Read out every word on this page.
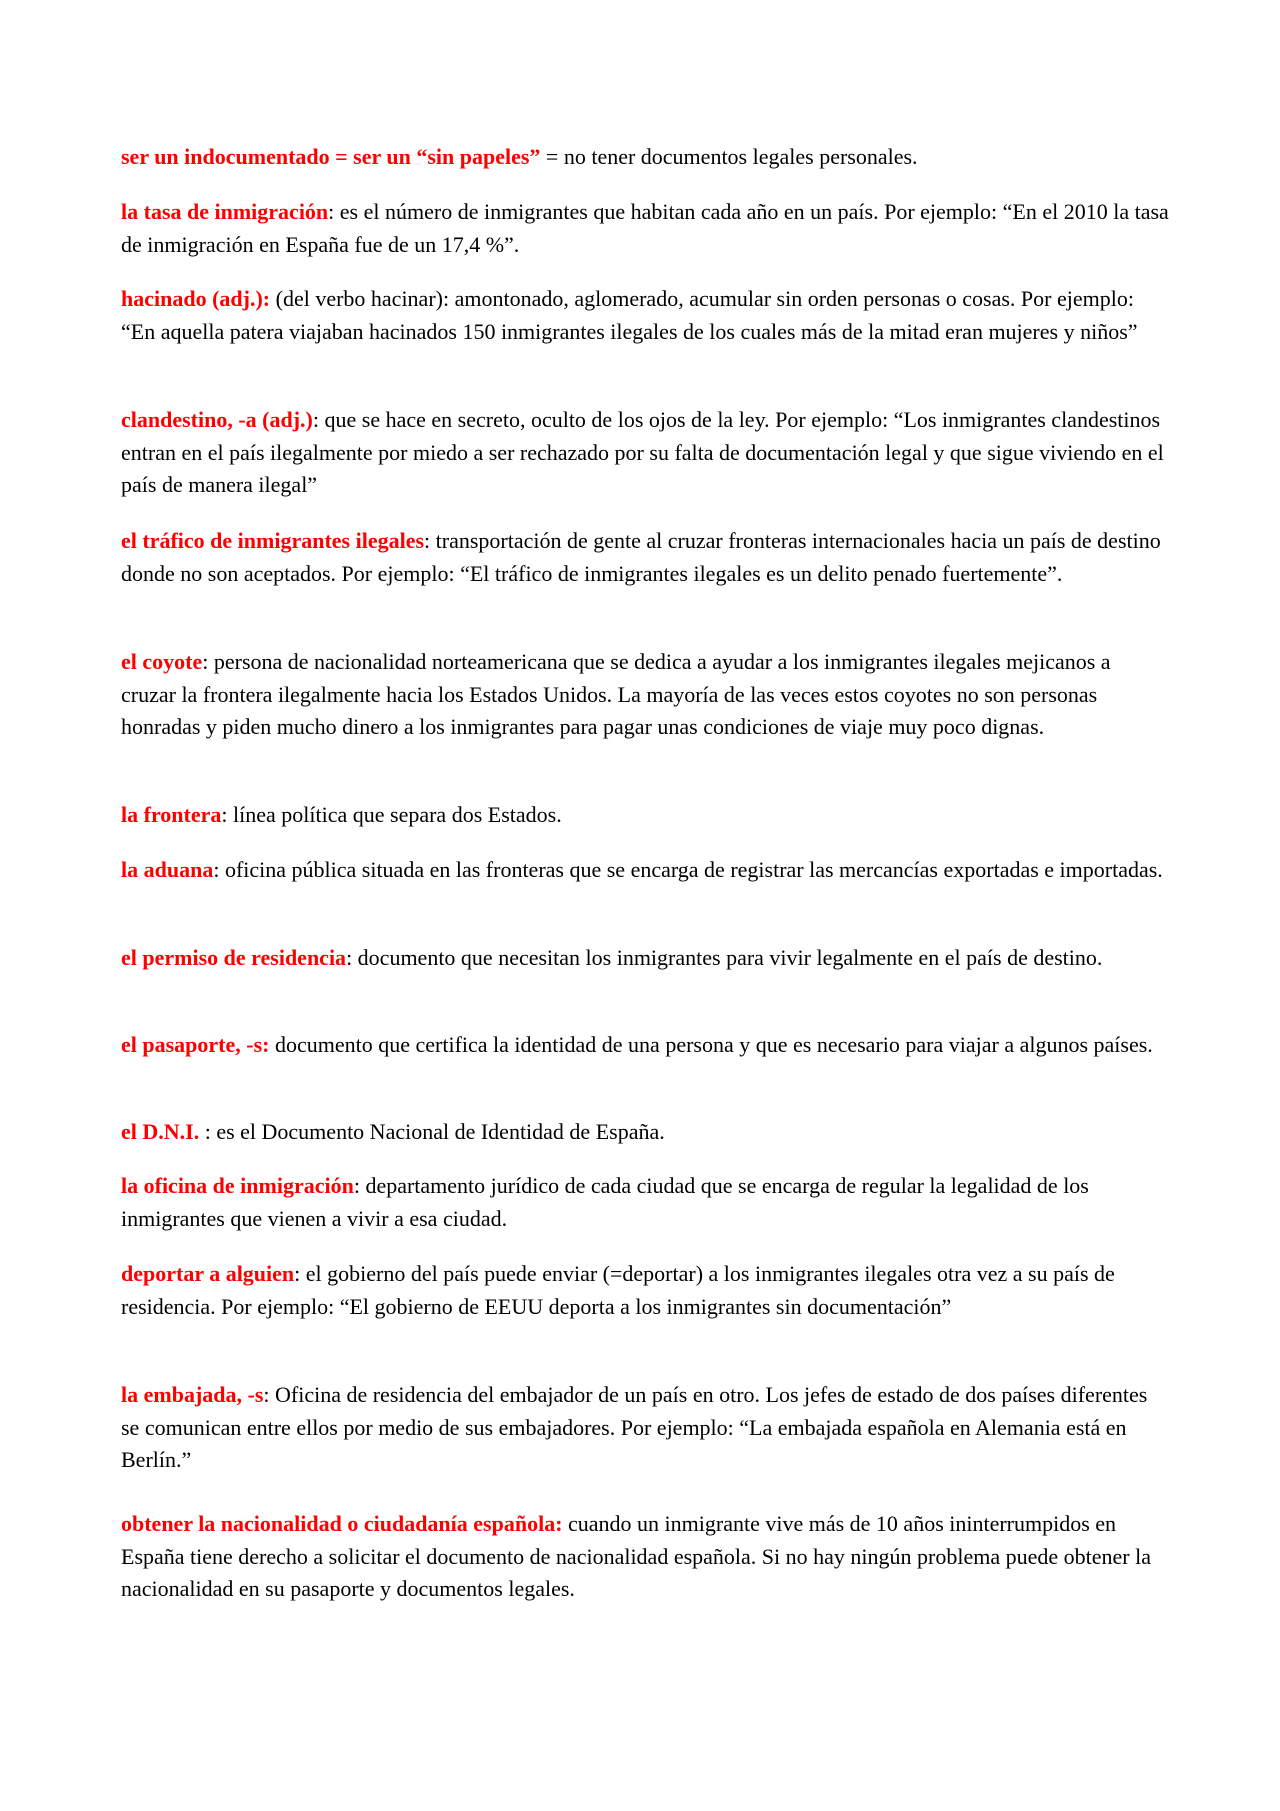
ser un indocumentado = ser un “sin papeles” = no tener documentos legales personales.

la tasa de inmigración: es el número de inmigrantes que habitan cada año en un país. Por ejemplo: “En el 2010 la tasa de inmigración en España fue de un 17,4 %”.

hacinado (adj.): (del verbo hacinar): amontonado, aglomerado, acumular sin orden personas o cosas. Por ejemplo: “En aquella patera viajaban hacinados 150 inmigrantes ilegales de los cuales más de la mitad eran mujeres y niños”

clandestino, -a (adj.): que se hace en secreto, oculto de los ojos de la ley. Por ejemplo: “Los inmigrantes clandestinos entran en el país ilegalmente por miedo a ser rechazado por su falta de documentación legal y que sigue viviendo en el país de manera ilegal”

el tráfico de inmigrantes ilegales: transportación de gente al cruzar fronteras internacionales hacia un país de destino donde no son aceptados. Por ejemplo: “El tráfico de inmigrantes ilegales es un delito penado fuertemente”.

el coyote: persona de nacionalidad norteamericana que se dedica a ayudar a los inmigrantes ilegales mejicanos a cruzar la frontera ilegalmente hacia los Estados Unidos. La mayoría de las veces estos coyotes no son personas honradas y piden mucho dinero a los inmigrantes para pagar unas condiciones de viaje muy poco dignas.

la frontera: línea política que separa dos Estados.

la aduana: oficina pública situada en las fronteras que se encarga de registrar las mercancías exportadas e importadas.

el permiso de residencia: documento que necesitan los inmigrantes para vivir legalmente en el país de destino.

el pasaporte, -s: documento que certifica la identidad de una persona y que es necesario para viajar a algunos países.

el D.N.I. : es el Documento Nacional de Identidad de España.

la oficina de inmigración: departamento jurídico de cada ciudad que se encarga de regular la legalidad de los inmigrantes que vienen a vivir a esa ciudad.

deportar a alguien: el gobierno del país puede enviar (=deportar) a los inmigrantes ilegales otra vez a su país de residencia. Por ejemplo: “El gobierno de EEUU deporta a los inmigrantes sin documentación”

la embajada, -s: Oficina de residencia del embajador de un país en otro. Los jefes de estado de dos países diferentes se comunican entre ellos por medio de sus embajadores. Por ejemplo: “La embajada española en Alemania está en Berlín.”

obtener la nacionalidad o ciudadanía española: cuando un inmigrante vive más de 10 años ininterrumpidos en España tiene derecho a solicitar el documento de nacionalidad española. Si no hay ningún problema puede obtener la nacionalidad en su pasaporte y documentos legales.
